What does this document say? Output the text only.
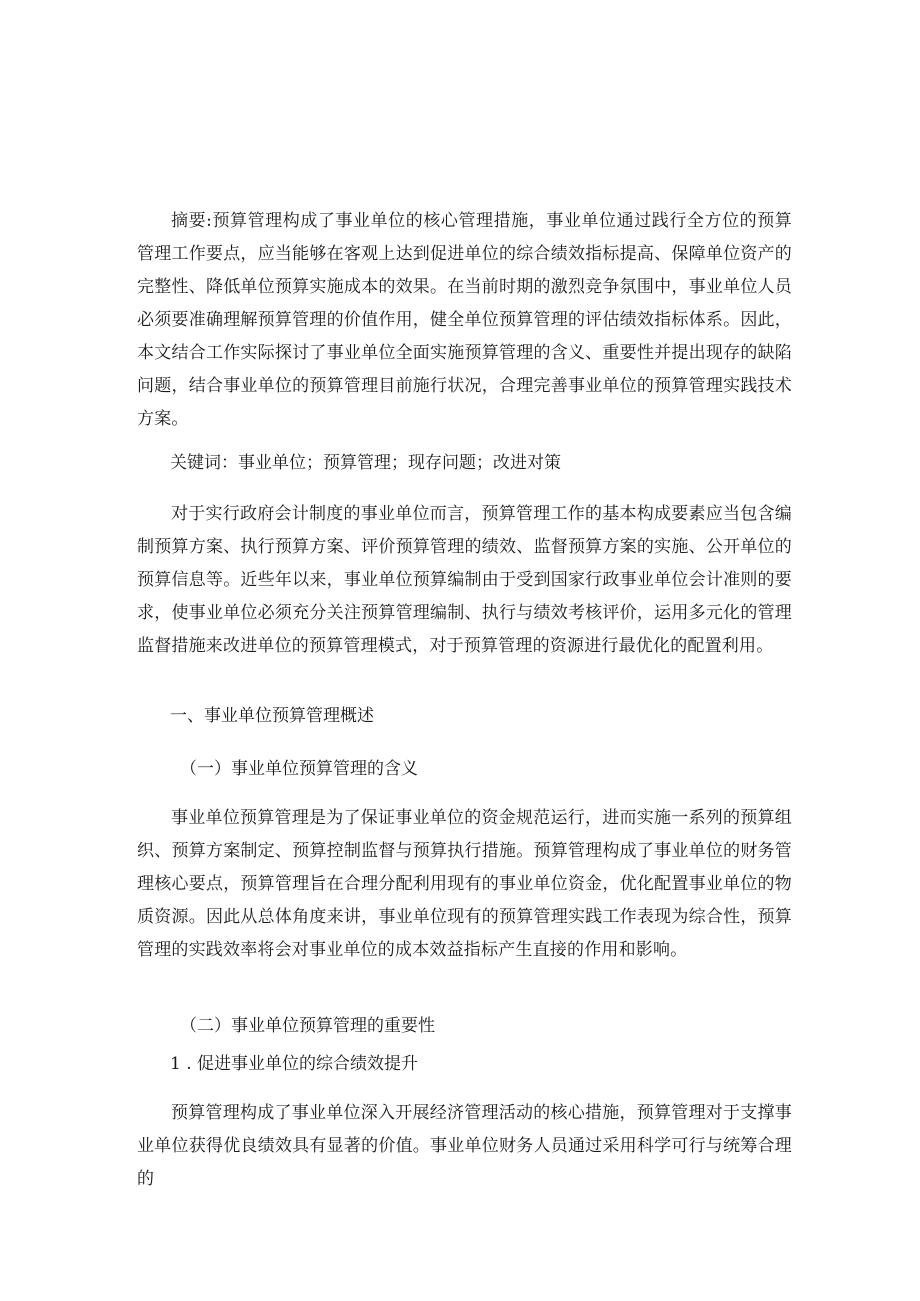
摘要:预算管理构成了事业单位的核心管理措施，事业单位通过践行全方位的预算管理工作要点，应当能够在客观上达到促进单位的综合绩效指标提高、保障单位资产的完整性、降低单位预算实施成本的效果。在当前时期的激烈竞争氛围中，事业单位人员必须要准确理解预算管理的价值作用，健全单位预算管理的评估绩效指标体系。因此，本文结合工作实际探讨了事业单位全面实施预算管理的含义、重要性并提出现存的缺陷问题，结合事业单位的预算管理目前施行状况，合理完善事业单位的预算管理实践技术方案。

关键词：事业单位；预算管理；现存问题；改进对策

对于实行政府会计制度的事业单位而言，预算管理工作的基本构成要素应当包含编制预算方案、执行预算方案、评价预算管理的绩效、监督预算方案的实施、公开单位的预算信息等。近些年以来，事业单位预算编制由于受到国家行政事业单位会计准则的要求，使事业单位必须充分关注预算管理编制、执行与绩效考核评价，运用多元化的管理监督措施来改进单位的预算管理模式，对于预算管理的资源进行最优化的配置利用。

一、事业单位预算管理概述

（一）事业单位预算管理的含义

事业单位预算管理是为了保证事业单位的资金规范运行，进而实施一系列的预算组织、预算方案制定、预算控制监督与预算执行措施。预算管理构成了事业单位的财务管理核心要点，预算管理旨在合理分配利用现有的事业单位资金，优化配置事业单位的物质资源。因此从总体角度来讲，事业单位现有的预算管理实践工作表现为综合性，预算管理的实践效率将会对事业单位的成本效益指标产生直接的作用和影响。

（二）事业单位预算管理的重要性

1 . 促进事业单位的综合绩效提升

预算管理构成了事业单位深入开展经济管理活动的核心措施，预算管理对于支撑事业单位获得优良绩效具有显著的价值。事业单位财务人员通过采用科学可行与统筹合理的
